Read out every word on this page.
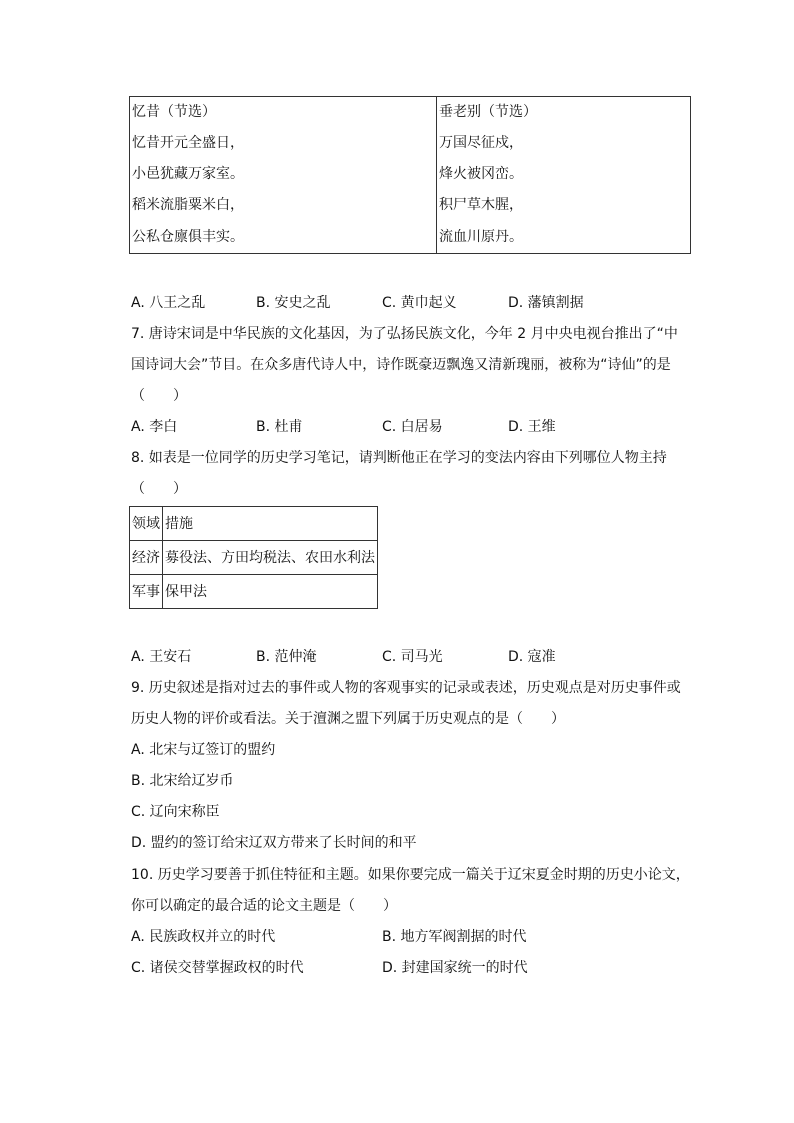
忆昔（节选）	垂老别（节选）
忆昔开元全盛日，	万国尽征戍，
小邑犹藏万家室。	烽火被冈峦。
稻米流脂粟米白，	积尸草木腥，
公私仓廪俱丰实。	流血川原丹。
A. 八王之乱	B. 安史之乱	C. 黄巾起义	D. 藩镇割据
7. 唐诗宋词是中华民族的文化基因，为了弘扬民族文化，今年 2 月中央电视台推出了“中
国诗词大会”节目。在众多唐代诗人中，诗作既豪迈飘逸又清新瑰丽，被称为“诗仙”的是
（　　）
A. 李白	B. 杜甫	C. 白居易	D. 王维
8. 如表是一位同学的历史学习笔记，请判断他正在学习的变法内容由下列哪位人物主持
（　　）
领域	措施
经济	募役法、方田均税法、农田水利法
军事	保甲法
A. 王安石	B. 范仲淹	C. 司马光	D. 寇准
9. 历史叙述是指对过去的事件或人物的客观事实的记录或表述，历史观点是对历史事件或
历史人物的评价或看法。关于澶渊之盟下列属于历史观点的是（　　）
A. 北宋与辽签订的盟约
B. 北宋给辽岁币
C. 辽向宋称臣
D. 盟约的签订给宋辽双方带来了长时间的和平
10. 历史学习要善于抓住特征和主题。如果你要完成一篇关于辽宋夏金时期的历史小论文，
你可以确定的最合适的论文主题是（　　）
A. 民族政权并立的时代	B. 地方军阀割据的时代
C. 诸侯交替掌握政权的时代	D. 封建国家统一的时代
